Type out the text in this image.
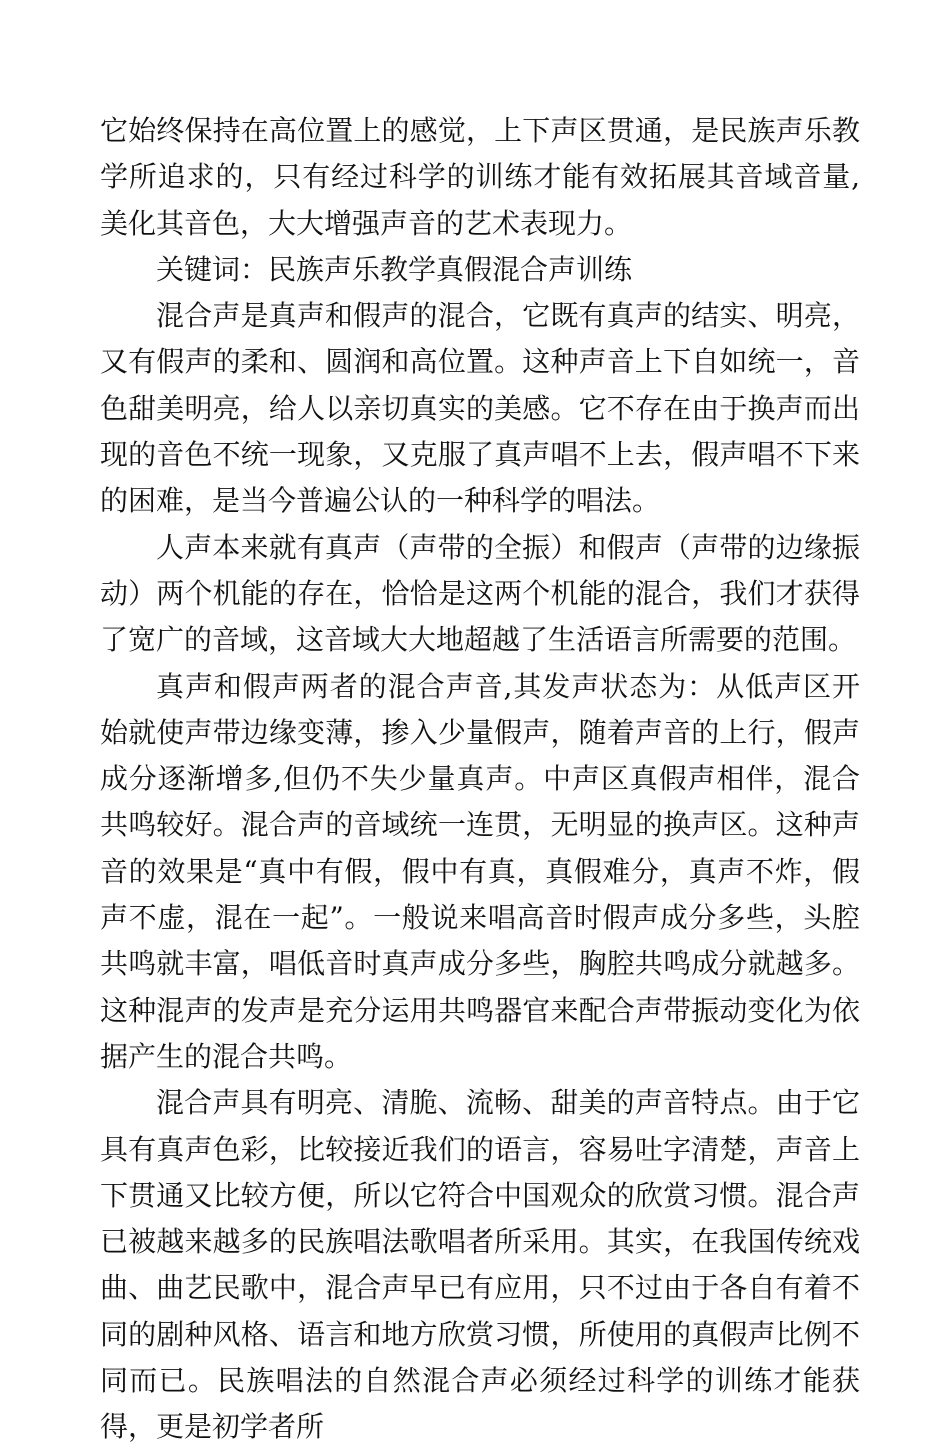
它始终保持在高位置上的感觉，上下声区贯通，是民族声乐教学所追求的，只有经过科学的训练才能有效拓展其音域音量,美化其音色，大大增强声音的艺术表现力。

关键词：民族声乐教学真假混合声训练

混合声是真声和假声的混合，它既有真声的结实、明亮，又有假声的柔和、圆润和高位置。这种声音上下自如统一，音色甜美明亮，给人以亲切真实的美感。它不存在由于换声而出现的音色不统一现象，又克服了真声唱不上去，假声唱不下来的困难，是当今普遍公认的一种科学的唱法。

人声本来就有真声（声带的全振）和假声（声带的边缘振动）两个机能的存在，恰恰是这两个机能的混合，我们才获得了宽广的音域，这音域大大地超越了生活语言所需要的范围。

真声和假声两者的混合声音,其发声状态为：从低声区开始就使声带边缘变薄，掺入少量假声，随着声音的上行，假声成分逐渐增多,但仍不失少量真声。中声区真假声相伴，混合共鸣较好。混合声的音域统一连贯，无明显的换声区。这种声音的效果是“真中有假，假中有真，真假难分，真声不炸，假声不虚，混在一起”。一般说来唱高音时假声成分多些，头腔共鸣就丰富，唱低音时真声成分多些，胸腔共鸣成分就越多。这种混声的发声是充分运用共鸣器官来配合声带振动变化为依据产生的混合共鸣。

混合声具有明亮、清脆、流畅、甜美的声音特点。由于它具有真声色彩，比较接近我们的语言，容易吐字清楚，声音上下贯通又比较方便，所以它符合中国观众的欣赏习惯。混合声已被越来越多的民族唱法歌唱者所采用。其实，在我国传统戏曲、曲艺民歌中，混合声早已有应用，只不过由于各自有着不同的剧种风格、语言和地方欣赏习惯，所使用的真假声比例不同而已。民族唱法的自然混合声必须经过科学的训练才能获得，更是初学者所
